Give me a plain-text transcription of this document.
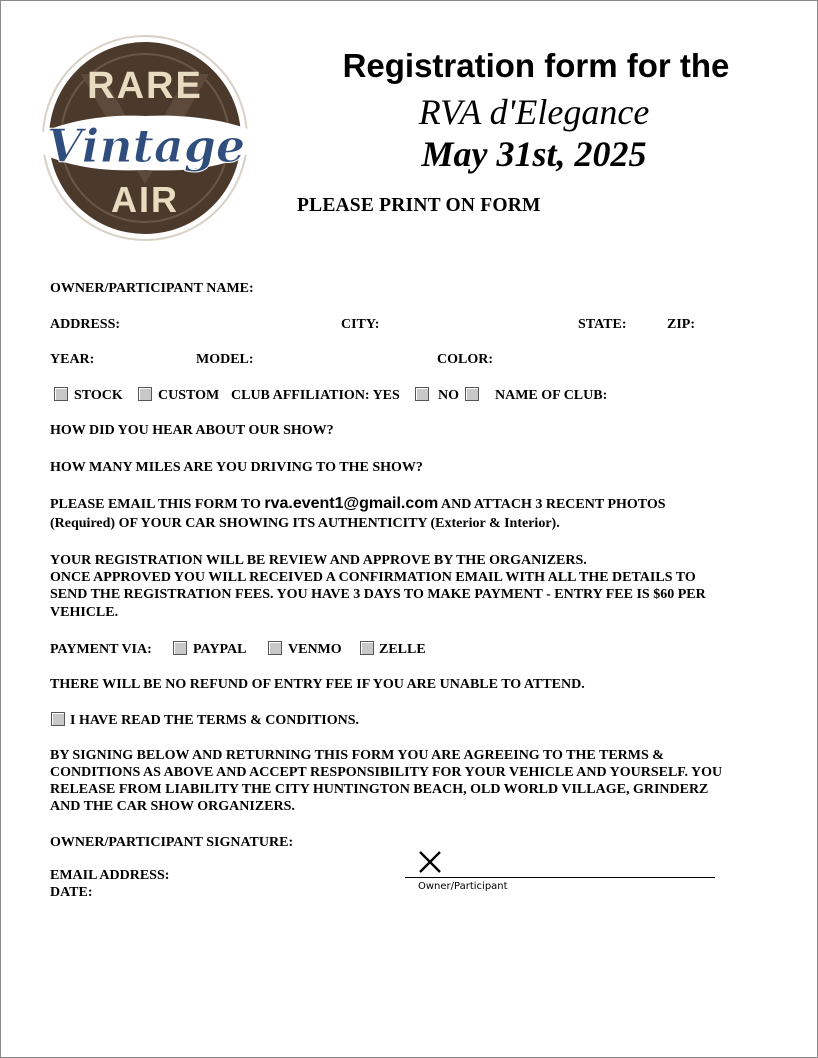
RARE
Vintage
AIR
Registration form for the
RVA d'Elegance
May 31st, 2025
PLEASE PRINT ON FORM
OWNER/PARTICIPANT NAME:
ADDRESS:	CITY:	STATE:	ZIP:
YEAR:	MODEL:	COLOR:
STOCK	CUSTOM CLUB AFFILIATION: YES	NO	NAME OF CLUB:
HOW DID YOU HEAR ABOUT OUR SHOW?
HOW MANY MILES ARE YOU DRIVING TO THE SHOW?
PLEASE EMAIL THIS FORM TO rva.event1@gmail.com AND ATTACH 3 RECENT PHOTOS
(Required) OF YOUR CAR SHOWING ITS AUTHENTICITY (Exterior & Interior).
YOUR REGISTRATION WILL BE REVIEW AND APPROVE BY THE ORGANIZERS.
ONCE APPROVED YOU WILL RECEIVED A CONFIRMATION EMAIL WITH ALL THE DETAILS TO
SEND THE REGISTRATION FEES. YOU HAVE 3 DAYS TO MAKE PAYMENT - ENTRY FEE IS $60 PER
VEHICLE.
PAYMENT VIA:	PAYPAL	VENMO	ZELLE
THERE WILL BE NO REFUND OF ENTRY FEE IF YOU ARE UNABLE TO ATTEND.
I HAVE READ THE TERMS & CONDITIONS.
BY SIGNING BELOW AND RETURNING THIS FORM YOU ARE AGREEING TO THE TERMS &
CONDITIONS AS ABOVE AND ACCEPT RESPONSIBILITY FOR YOUR VEHICLE AND YOURSELF. YOU
RELEASE FROM LIABILITY THE CITY HUNTINGTON BEACH, OLD WORLD VILLAGE, GRINDERZ
AND THE CAR SHOW ORGANIZERS.
OWNER/PARTICIPANT SIGNATURE:
EMAIL ADDRESS:
DATE:	Owner/Participant
